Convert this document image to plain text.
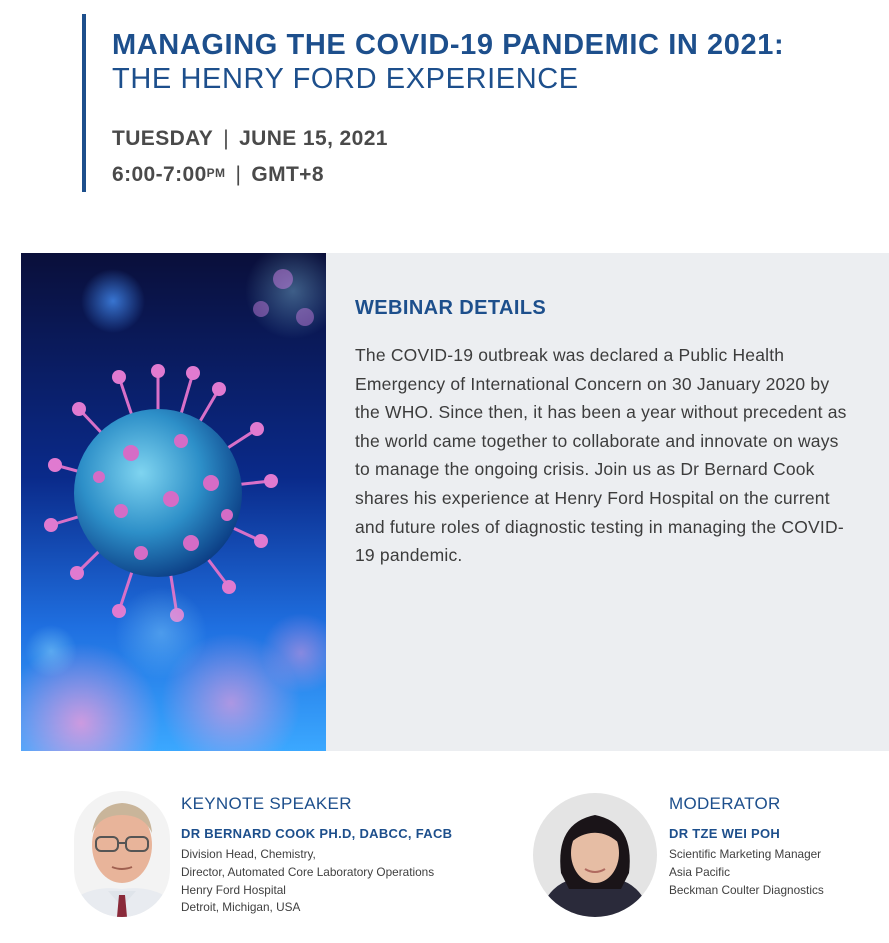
MANAGING THE COVID-19 PANDEMIC IN 2021:
THE HENRY FORD EXPERIENCE
TUESDAY | JUNE 15, 2021
$6:00-7:00^{PM}$ | GMT+8
WEBINAR DETAILS
The COVID-19 outbreak was declared a Public Health Emergency of International Concern on 30 January 2020 by the WHO. Since then, it has been a year without precedent as the world came together to collaborate and innovate on ways to manage the ongoing crisis. Join us as Dr Bernard Cook shares his experience at Henry Ford Hospital on the current and future roles of diagnostic testing in managing the COVID-19 pandemic.
KEYNOTE SPEAKER
DR BERNARD COOK PH.D, DABCC, FACB
Division Head, Chemistry,
Director, Automated Core Laboratory Operations
Henry Ford Hospital
Detroit, Michigan, USA
MODERATOR
DR TZE WEI POH
Scientific Marketing Manager
Asia Pacific
Beckman Coulter Diagnostics
